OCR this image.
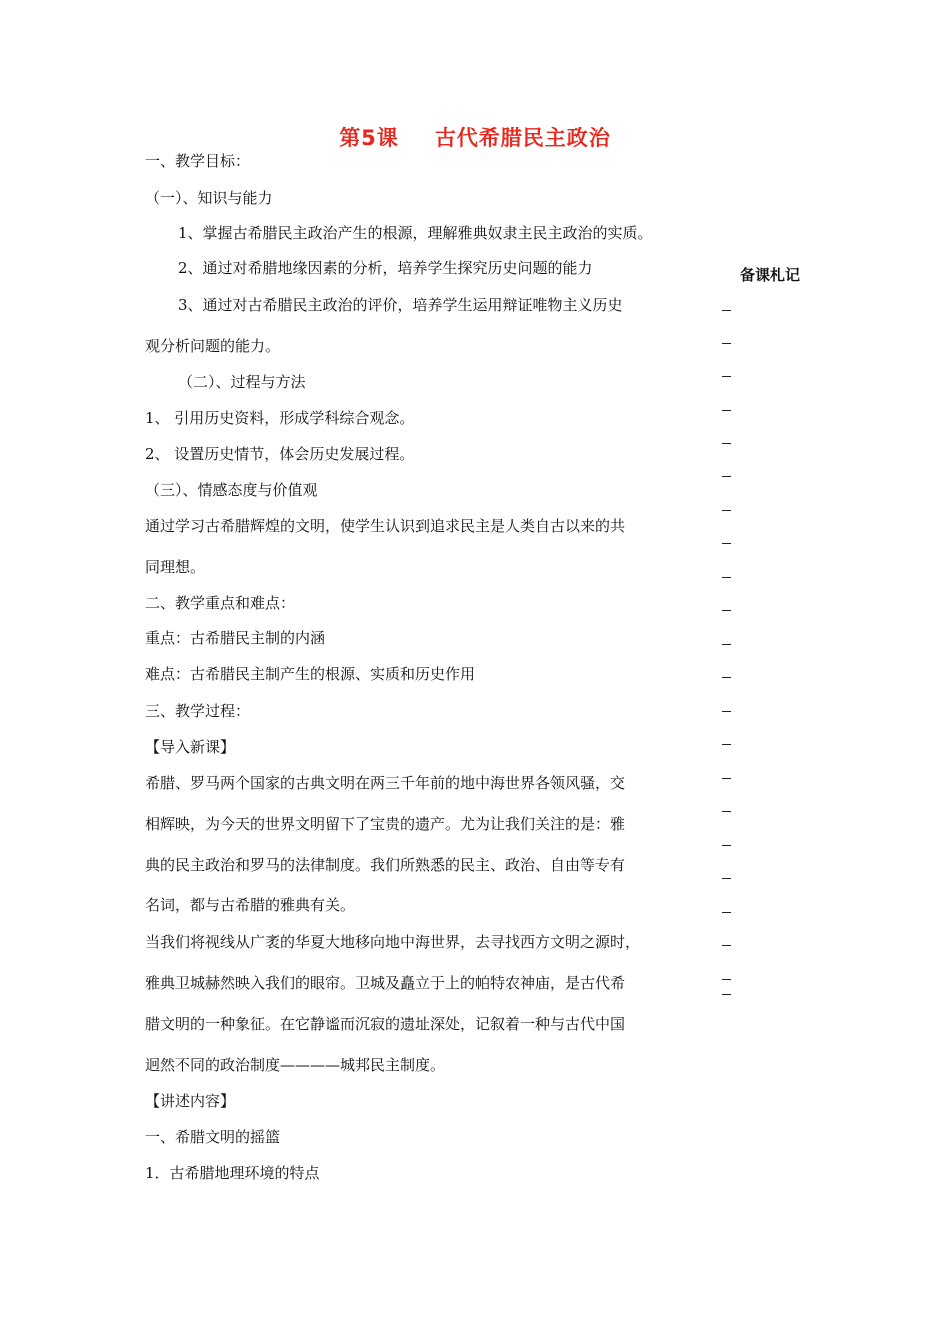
第5课 古代希腊民主政治
备课札记
一、教学目标：
（一）、知识与能力
1、掌握古希腊民主政治产生的根源，理解雅典奴隶主民主政治的实质。
2、通过对希腊地缘因素的分析，培养学生探究历史问题的能力
3、通过对古希腊民主政治的评价，培养学生运用辩证唯物主义历史
观分析问题的能力。
（二）、过程与方法
1、 引用历史资料，形成学科综合观念。
2、 设置历史情节，体会历史发展过程。
（三）、情感态度与价值观
通过学习古希腊辉煌的文明，使学生认识到追求民主是人类自古以来的共
同理想。
二、教学重点和难点：
重点：古希腊民主制的内涵
难点：古希腊民主制产生的根源、实质和历史作用
三、教学过程：
【导入新课】
希腊、罗马两个国家的古典文明在两三千年前的地中海世界各领风骚，交
相辉映，为今天的世界文明留下了宝贵的遗产。尤为让我们关注的是：雅
典的民主政治和罗马的法律制度。我们所熟悉的民主、政治、自由等专有
名词，都与古希腊的雅典有关。
当我们将视线从广袤的华夏大地移向地中海世界，去寻找西方文明之源时，
雅典卫城赫然映入我们的眼帘。卫城及矗立于上的帕特农神庙，是古代希
腊文明的一种象征。在它静谧而沉寂的遗址深处，记叙着一种与古代中国
迥然不同的政治制度————城邦民主制度。
【讲述内容】
一、希腊文明的摇篮
1．古希腊地理环境的特点
